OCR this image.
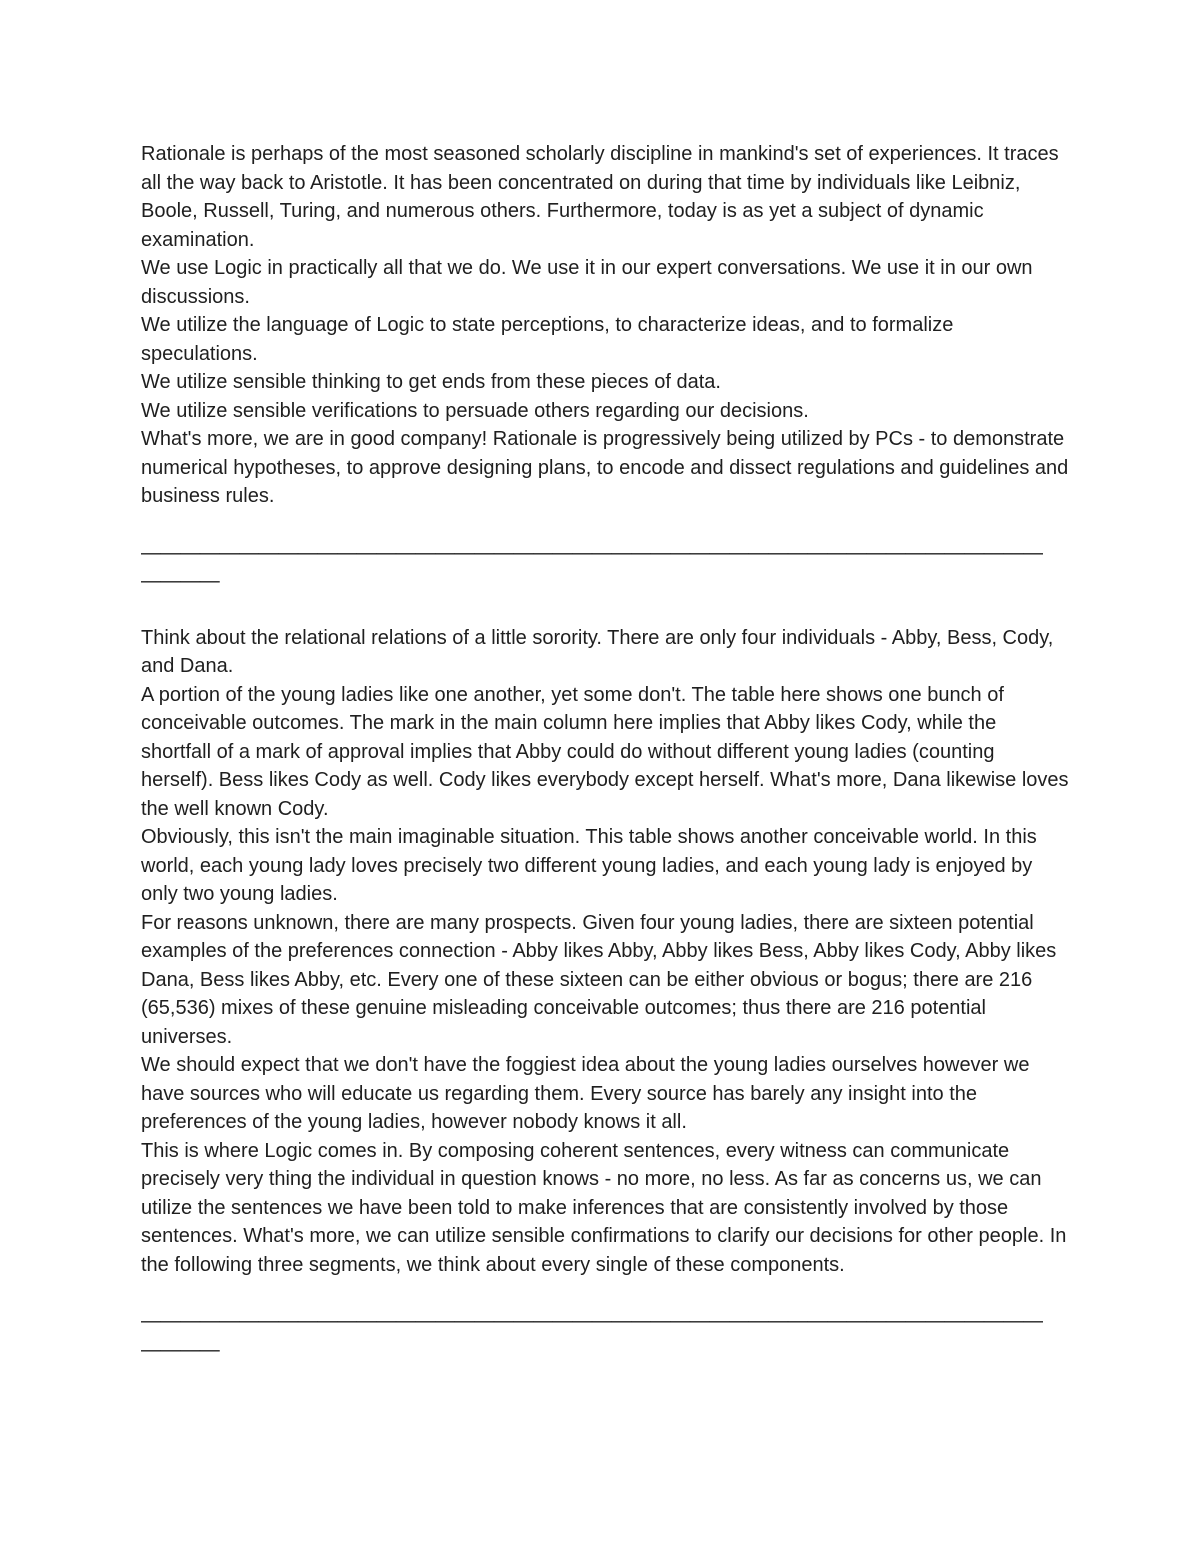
Rationale is perhaps of the most seasoned scholarly discipline in mankind's set of experiences. It traces all the way back to Aristotle. It has been concentrated on during that time by individuals like Leibniz, Boole, Russell, Turing, and numerous others. Furthermore, today is as yet a subject of dynamic examination.

We use Logic in practically all that we do. We use it in our expert conversations. We use it in our own discussions.

We utilize the language of Logic to state perceptions, to characterize ideas, and to formalize speculations.

We utilize sensible thinking to get ends from these pieces of data.

We utilize sensible verifications to persuade others regarding our decisions.

What's more, we are in good company! Rationale is progressively being utilized by PCs - to demonstrate numerical hypotheses, to approve designing plans, to encode and dissect regulations and guidelines and business rules.

——————————————————————————————————————————————————

Think about the relational relations of a little sorority. There are only four individuals - Abby, Bess, Cody, and Dana.

A portion of the young ladies like one another, yet some don't. The table here shows one bunch of conceivable outcomes. The mark in the main column here implies that Abby likes Cody, while the shortfall of a mark of approval implies that Abby could do without different young ladies (counting herself). Bess likes Cody as well. Cody likes everybody except herself. What's more, Dana likewise loves the well known Cody.

Obviously, this isn't the main imaginable situation. This table shows another conceivable world. In this world, each young lady loves precisely two different young ladies, and each young lady is enjoyed by only two young ladies.

For reasons unknown, there are many prospects. Given four young ladies, there are sixteen potential examples of the preferences connection - Abby likes Abby, Abby likes Bess, Abby likes Cody, Abby likes Dana, Bess likes Abby, etc. Every one of these sixteen can be either obvious or bogus; there are 216 (65,536) mixes of these genuine misleading conceivable outcomes; thus there are 216 potential universes.

We should expect that we don't have the foggiest idea about the young ladies ourselves however we have sources who will educate us regarding them. Every source has barely any insight into the preferences of the young ladies, however nobody knows it all.

This is where Logic comes in. By composing coherent sentences, every witness can communicate precisely very thing the individual in question knows - no more, no less. As far as concerns us, we can utilize the sentences we have been told to make inferences that are consistently involved by those sentences. What's more, we can utilize sensible confirmations to clarify our decisions for other people. In the following three segments, we think about every single of these components.

——————————————————————————————————————————————————
